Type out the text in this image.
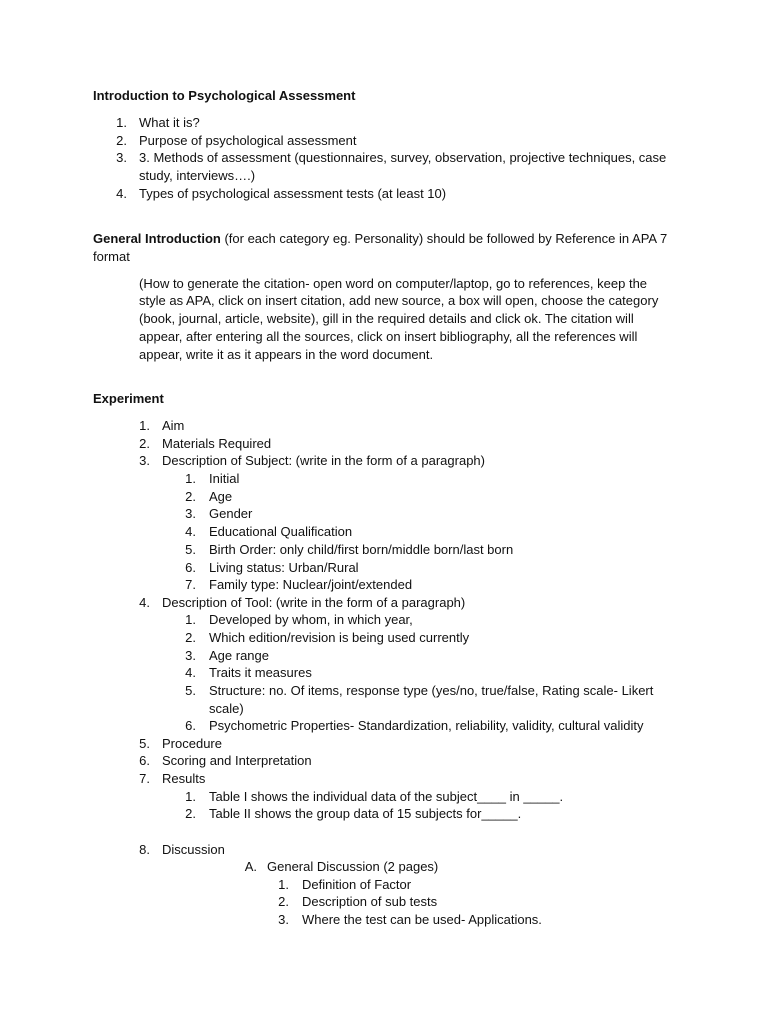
Introduction to Psychological Assessment
1. What it is?
2. Purpose of psychological assessment
3. 3. Methods of assessment (questionnaires, survey, observation, projective techniques, case
study, interviews….)
4. Types of psychological assessment tests (at least 10)
General Introduction (for each category eg. Personality) should be followed by Reference in APA 7
format
(How to generate the citation- open word on computer/laptop, go to references, keep the
style as APA, click on insert citation, add new source, a box will open, choose the category
(book, journal, article, website), gill in the required details and click ok. The citation will
appear, after entering all the sources, click on insert bibliography, all the references will
appear, write it as it appears in the word document.
Experiment
1. Aim
2. Materials Required
3. Description of Subject: (write in the form of a paragraph)
1. Initial
2. Age
3. Gender
4. Educational Qualification
5. Birth Order: only child/first born/middle born/last born
6. Living status: Urban/Rural
7. Family type: Nuclear/joint/extended
4. Description of Tool: (write in the form of a paragraph)
1. Developed by whom, in which year,
2. Which edition/revision is being used currently
3. Age range
4. Traits it measures
5. Structure: no. Of items, response type (yes/no, true/false, Rating scale- Likert
scale)
6. Psychometric Properties- Standardization, reliability, validity, cultural validity
5. Procedure
6. Scoring and Interpretation
7. Results
1. Table I shows the individual data of the subject____ in _____.
2. Table II shows the group data of 15 subjects for_____.
8. Discussion
A. General Discussion (2 pages)
1. Definition of Factor
2. Description of sub tests
3. Where the test can be used- Applications.
